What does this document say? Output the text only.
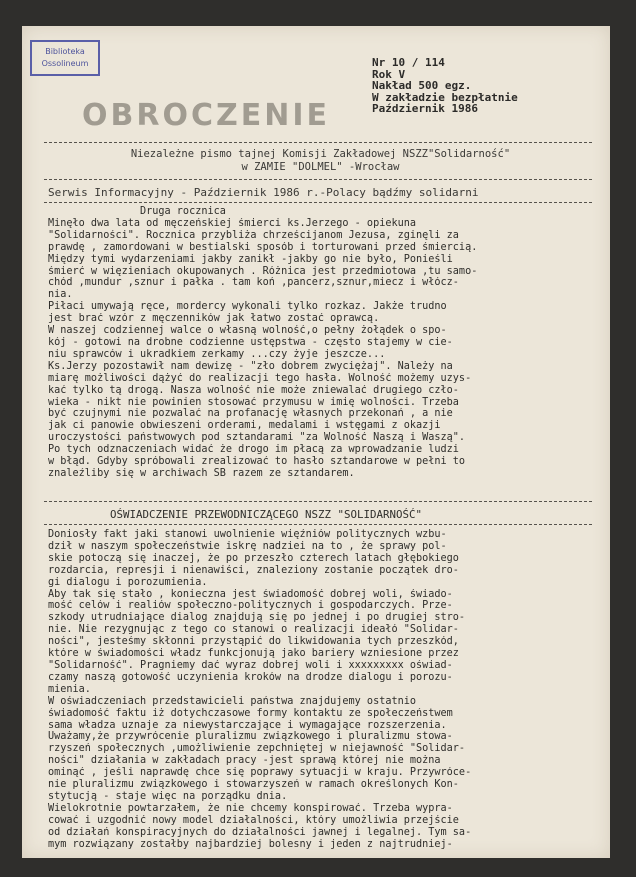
Biblioteka
Ossolineum
OBROCZENIE
Nr 10 / 114
Rok V
Nakład 500 egz.
W zakładzie bezpłatnie
Październik 1986
Niezależne pismo tajnej Komisji Zakładowej NSZZ"Solidarność"
w ZAMIE "DOLMEL" -Wrocław
Serwis Informacyjny - Październik 1986 r.-Polacy bądźmy solidarni
Druga rocznica
Minęło dwa lata od męczeńskiej śmierci ks.Jerzego - opiekuna
"Solidarności". Rocznica przybliża chrześcijanom Jezusa, zginęli za
prawdę , zamordowani w bestialski sposób i torturowani przed śmiercią.
Między tymi wydarzeniami jakby zanikł -jakby go nie było, Ponieśli
śmierć w więzieniach okupowanych . Różnica jest przedmiotowa ,tu samo-
chód ,mundur ,sznur i pałka . tam koń ,pancerz,sznur,miecz i włócz-
nia.
Piłaci umywają ręce, mordercy wykonali tylko rozkaz. Jakże trudno
jest brać wzór z męczenników jak łatwo zostać oprawcą.
W naszej codziennej walce o własną wolność,o pełny żołądek o spo-
kój - gotowi na drobne codzienne ustępstwa - często stajemy w cie-
niu sprawców i ukradkiem zerkamy ...czy żyje jeszcze...
Ks.Jerzy pozostawił nam dewizę - "zło dobrem zwyciężaj". Należy na
miarę możliwości dążyć do realizacji tego hasła. Wolność możemy uzys-
kać tylko tą drogą. Nasza wolność nie może zniewalać drugiego czło-
wieka - nikt nie powinien stosować przymusu w imię wolności. Trzeba
być czujnymi nie pozwalać na profanację własnych przekonań , a nie
jak ci panowie obwieszeni orderami, medalami i wstęgami z okazji
uroczystości państwowych pod sztandarami "za Wolność Naszą i Waszą".
Po tych odznaczeniach widać że drogo im płacą za wprowadzanie ludzi
w błąd. Gdyby spróbowali zrealizować to hasło sztandarowe w pełni to
znaleźliby się w archiwach SB razem ze sztandarem.
OŚWIADCZENIE PRZEWODNICZĄCEGO NSZZ "SOLIDARNOŚĆ"
Doniosły fakt jaki stanowi uwolnienie więźniów politycznych wzbu-
dził w naszym społeczeństwie iskrę nadziei na to , że sprawy pol-
skie potoczą się inaczej, że po przeszło czterech latach głębokiego
rozdarcia, represji i nienawiści, znaleziony zostanie początek dro-
gi dialogu i porozumienia.
Aby tak się stało , konieczna jest świadomość dobrej woli, świado-
mość celów i realiów społeczno-politycznych i gospodarczych. Prze-
szkody utrudniające dialog znajdują się po jednej i po drugiej stro-
nie. Nie rezygnując z tego co stanowi o realizacji ideałó "Solidar-
ności", jesteśmy skłonni przystąpić do likwidowania tych przeszkód,
które w świadomości władz funkcjonują jako bariery wzniesione przez
"Solidarność". Pragniemy dać wyraz dobrej woli i xxxxxxxxx oświad-
czamy naszą gotowość uczynienia kroków na drodze dialogu i porozu-
mienia.
W oświadczeniach przedstawicieli państwa znajdujemy ostatnio
świadomość faktu iż dotychczasowe formy kontaktu ze społeczeństwem
sama władza uznaje za niewystarczające i wymagające rozszerzenia.
Uważamy,że przywrócenie pluralizmu związkowego i pluralizmu stowa-
rzyszeń społecznych ,umożliwienie zepchniętej w niejawność "Solidar-
ności" działania w zakładach pracy -jest sprawą której nie można
ominąć , jeśli naprawdę chce się poprawy sytuacji w kraju. Przywróce-
nie pluralizmu związkowego i stowarzyszeń w ramach określonych Kon-
stytucją - staje więc na porządku dnia.
Wielokrotnie powtarzałem, że nie chcemy konspirować. Trzeba wypra-
cować i uzgodnić nowy model działalności, który umożliwia przejście
od działań konspiracyjnych do działalności jawnej i legalnej. Tym sa-
mym rozwiązany zostałby najbardziej bolesny i jeden z najtrudniej-
